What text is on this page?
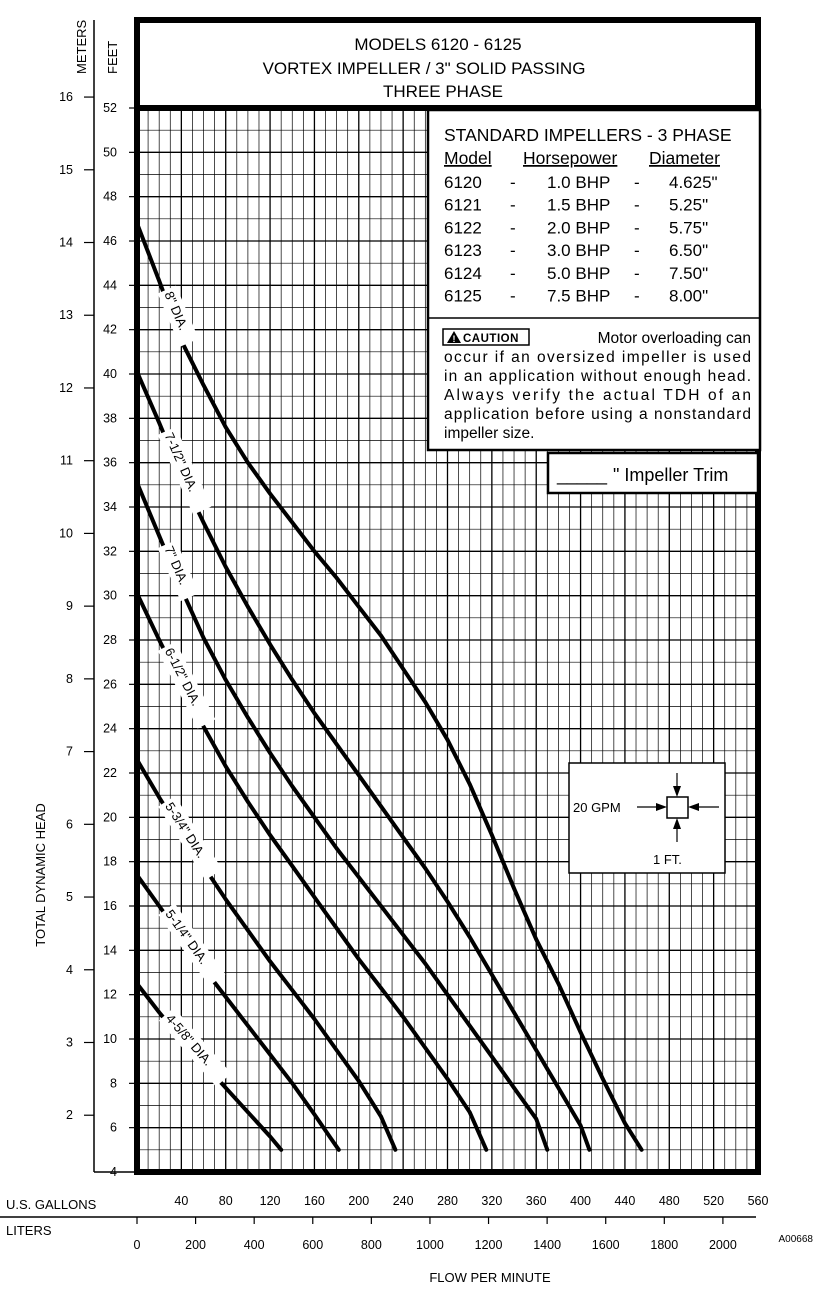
8" DIA.
7-1/2" DIA.
7" DIA.
6-1/2" DIA.
5-3/4" DIA.
5-1/4" DIA.
4-5/8" DIA.
MODELS 6120 - 6125
VORTEX IMPELLER / 3" SOLID PASSING
THREE PHASE
STANDARD IMPELLERS - 3 PHASE
Model Horsepower Diameter
6120 - 1.0 BHP - 4.625"
6121 - 1.5 BHP - 5.25"
6122 - 2.0 BHP - 5.75"
6123 - 3.0 BHP - 6.50"
6124 - 5.0 BHP - 7.50"
6125 - 7.5 BHP - 8.00"
! CAUTION	Motor overloading can
occur if an oversized impeller is used
in an application without enough head.
Always verify the actual TDH of an
application before using a nonstandard
impeller size.
_____ " Impeller Trim
20 GPM
1 FT.
6
8
10
12
14
16
18
20
22
24
26
28
30
32
34
36
38
40
42
44
46
48
50
52
4
2
3
4
5
6
7
8
9
10
11
12
13
14
15
16
METERS FEET
TOTAL DYNAMIC HEAD
40 80 120 160 200 240 280 320 360 400 440 480 520 560
0	200	400	600	800	1000 1200 1400 1600 1800 2000
U.S. GALLONS
LITERS
FLOW PER MINUTE
A00668
